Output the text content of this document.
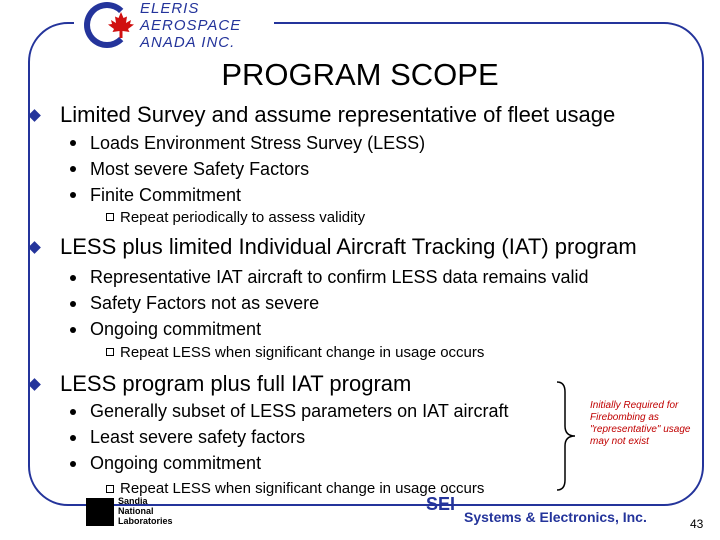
ELERIS
AEROSPACE
ANADA INC.
PROGRAM SCOPE
Limited Survey and assume representative of fleet usage
Loads Environment Stress Survey (LESS)
Most severe Safety Factors
Finite Commitment
Repeat periodically to assess validity
LESS plus limited Individual Aircraft Tracking (IAT) program
Representative IAT aircraft to confirm LESS data remains valid
Safety Factors not as severe
Ongoing commitment
Repeat LESS when significant change in usage occurs
LESS program plus full IAT program
Generally subset of LESS parameters on IAT aircraft
Least severe safety factors
Ongoing commitment
Repeat LESS when significant change in usage occurs
Initially Required for Firebombing as "representative" usage may not exist
Sandia
National
Laboratories
SEI
Systems & Electronics, Inc.	43
